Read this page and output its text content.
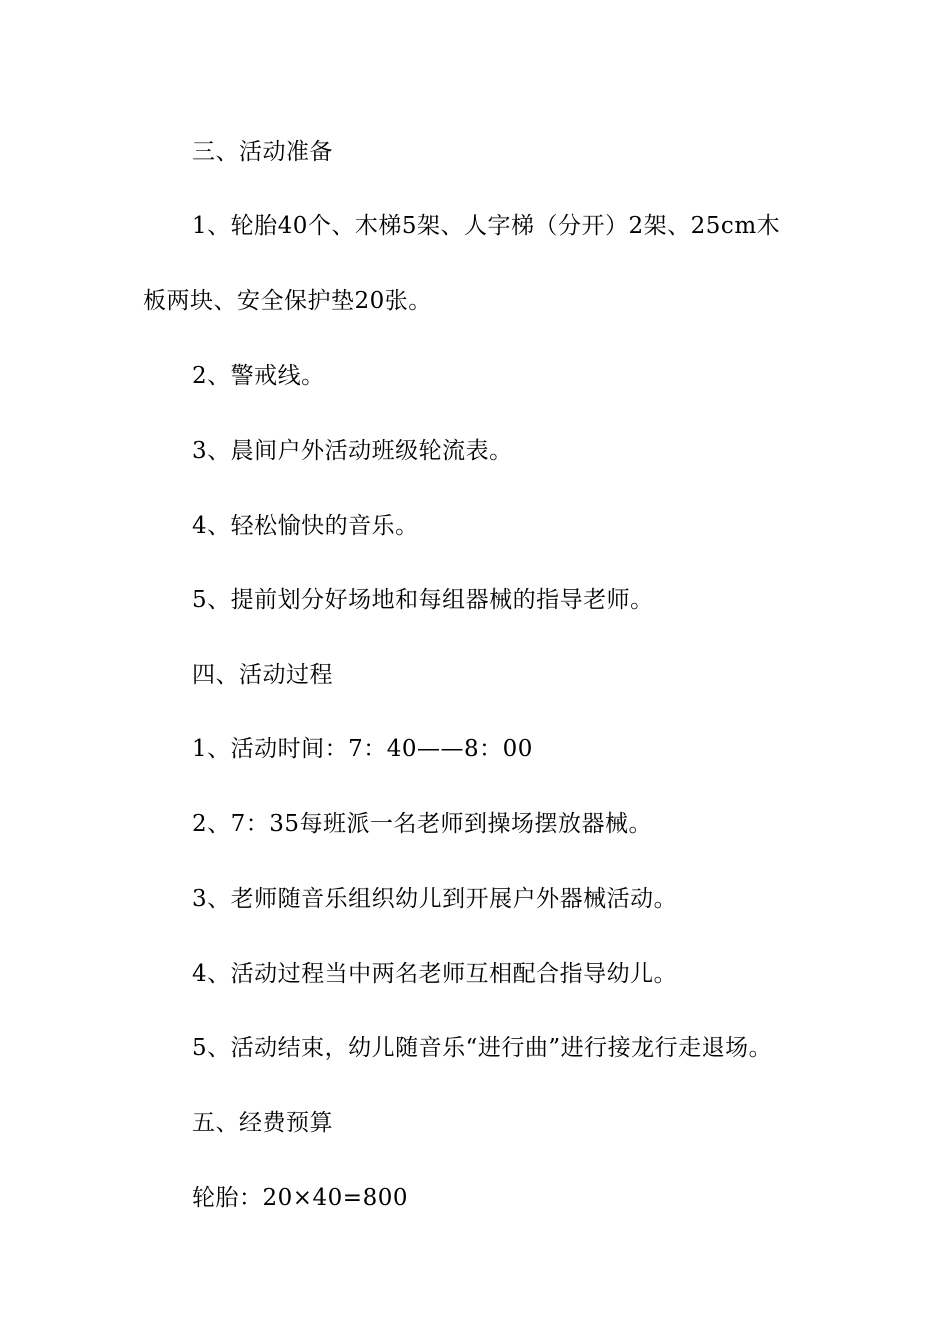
三、活动准备
1、轮胎40个、木梯5架、人字梯（分开）2架、25cm木
板两块、安全保护垫20张。
2、警戒线。
3、晨间户外活动班级轮流表。
4、轻松愉快的音乐。
5、提前划分好场地和每组器械的指导老师。
四、活动过程
1、活动时间：7：40——8：00
2、7：35每班派一名老师到操场摆放器械。
3、老师随音乐组织幼儿到开展户外器械活动。
4、活动过程当中两名老师互相配合指导幼儿。
5、活动结束，幼儿随音乐“进行曲”进行接龙行走退场。
五、经费预算
轮胎：20×40=800
